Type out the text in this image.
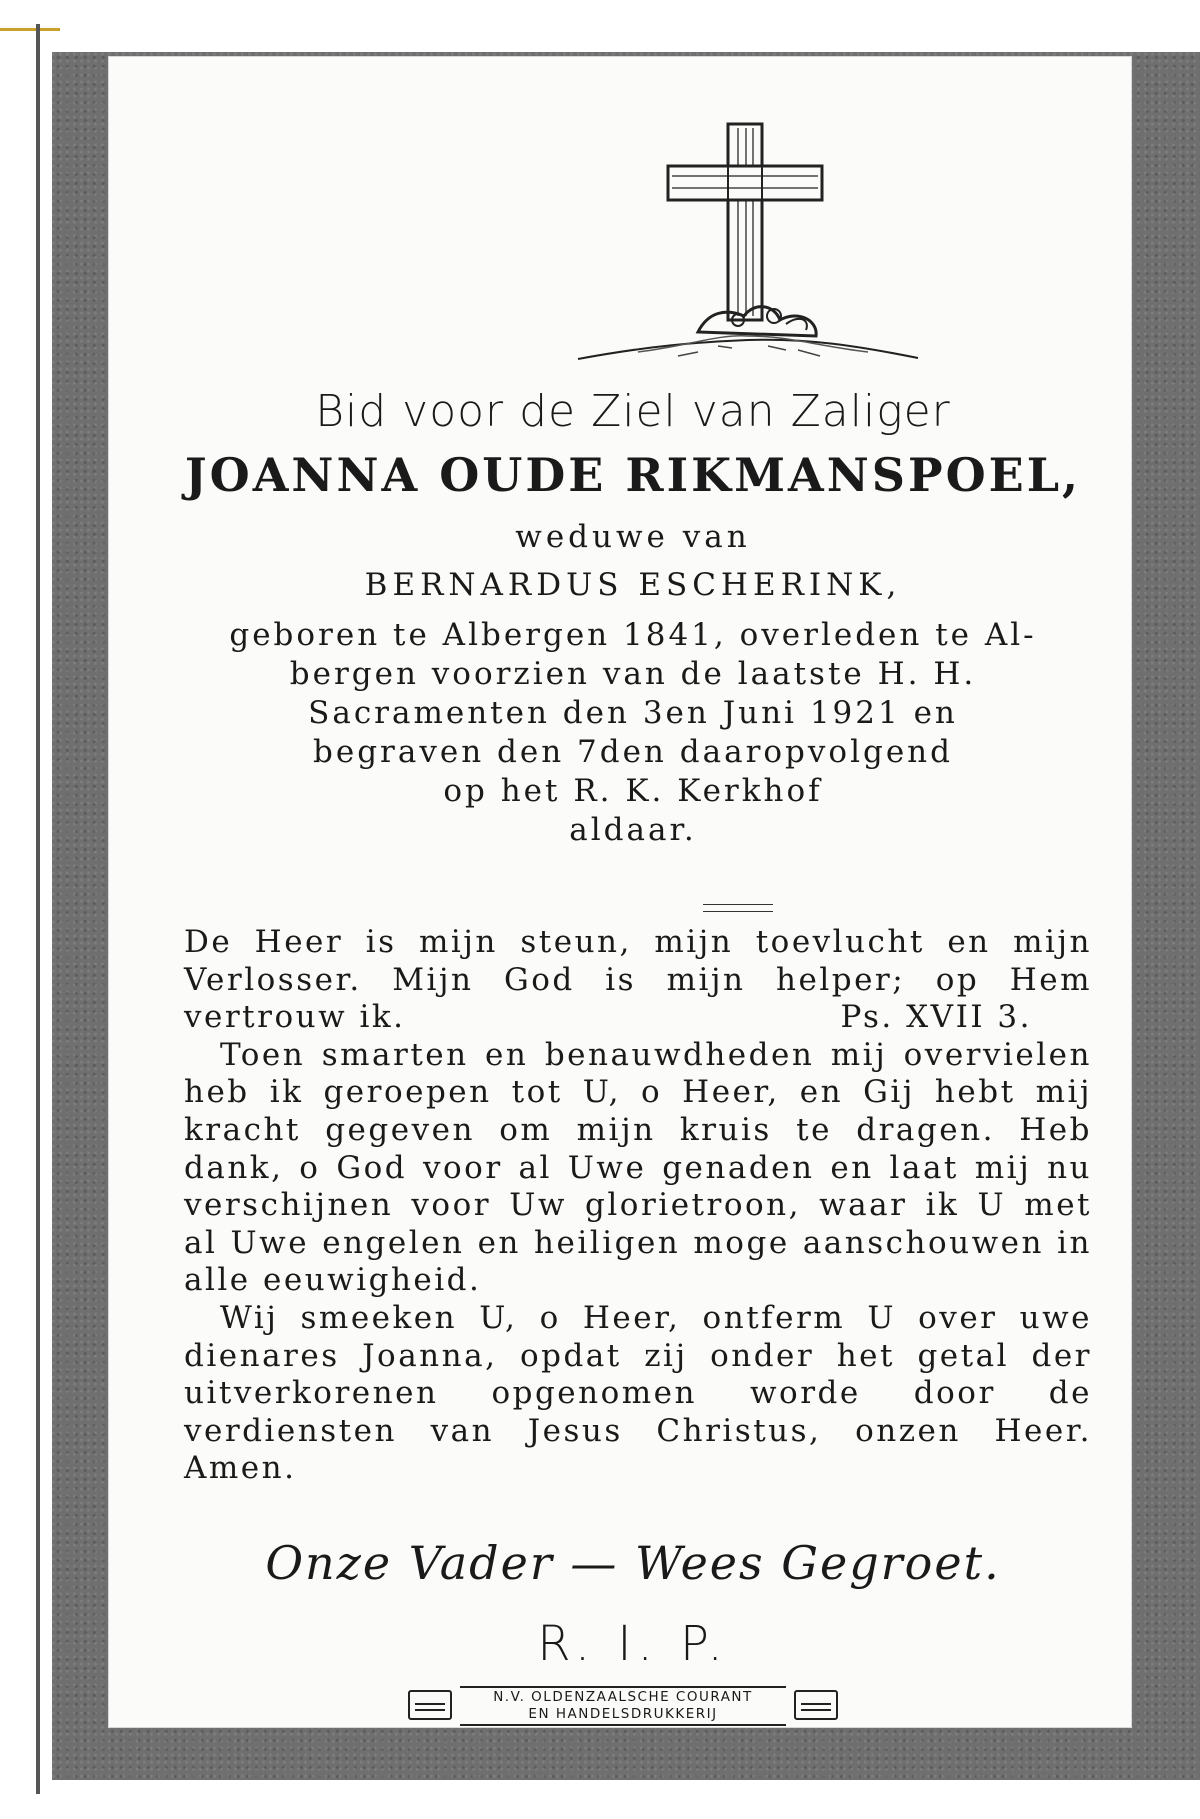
Bid voor de Ziel van Zaliger
JOANNA OUDE RIKMANSPOEL,
weduwe van
BERNARDUS ESCHERINK,

geboren te Albergen 1841, overleden te Al-

bergen voorzien van de laatste H. H.

Sacramenten den 3en Juni 1921 en

begraven den 7den daaropvolgend

op het R. K. Kerkhof

aldaar.

De Heer is mijn steun, mijn toevlucht en mijn Verlosser. Mijn God is mijn helper; op Hem vertrouw ik.	Ps. XVII 3.

Toen smarten en benauwdheden mij overvielen heb ik geroepen tot U, o Heer, en Gij hebt mij kracht gegeven om mijn kruis te dragen. Heb dank, o God voor al Uwe genaden en laat mij nu verschijnen voor Uw glorietroon, waar ik U met al Uwe engelen en heiligen moge aanschouwen in alle eeuwigheid.

Wij smeeken U, o Heer, ontferm U over uwe dienares Joanna, opdat zij onder het getal der uitverkorenen opgenomen worde door de verdiensten van Jesus Christus, onzen Heer. Amen.

Onze Vader — Wees Gegroet.
R. I. P.
N.V. OLDENZAALSCHE COURANT
EN HANDELSDRUKKERIJ
